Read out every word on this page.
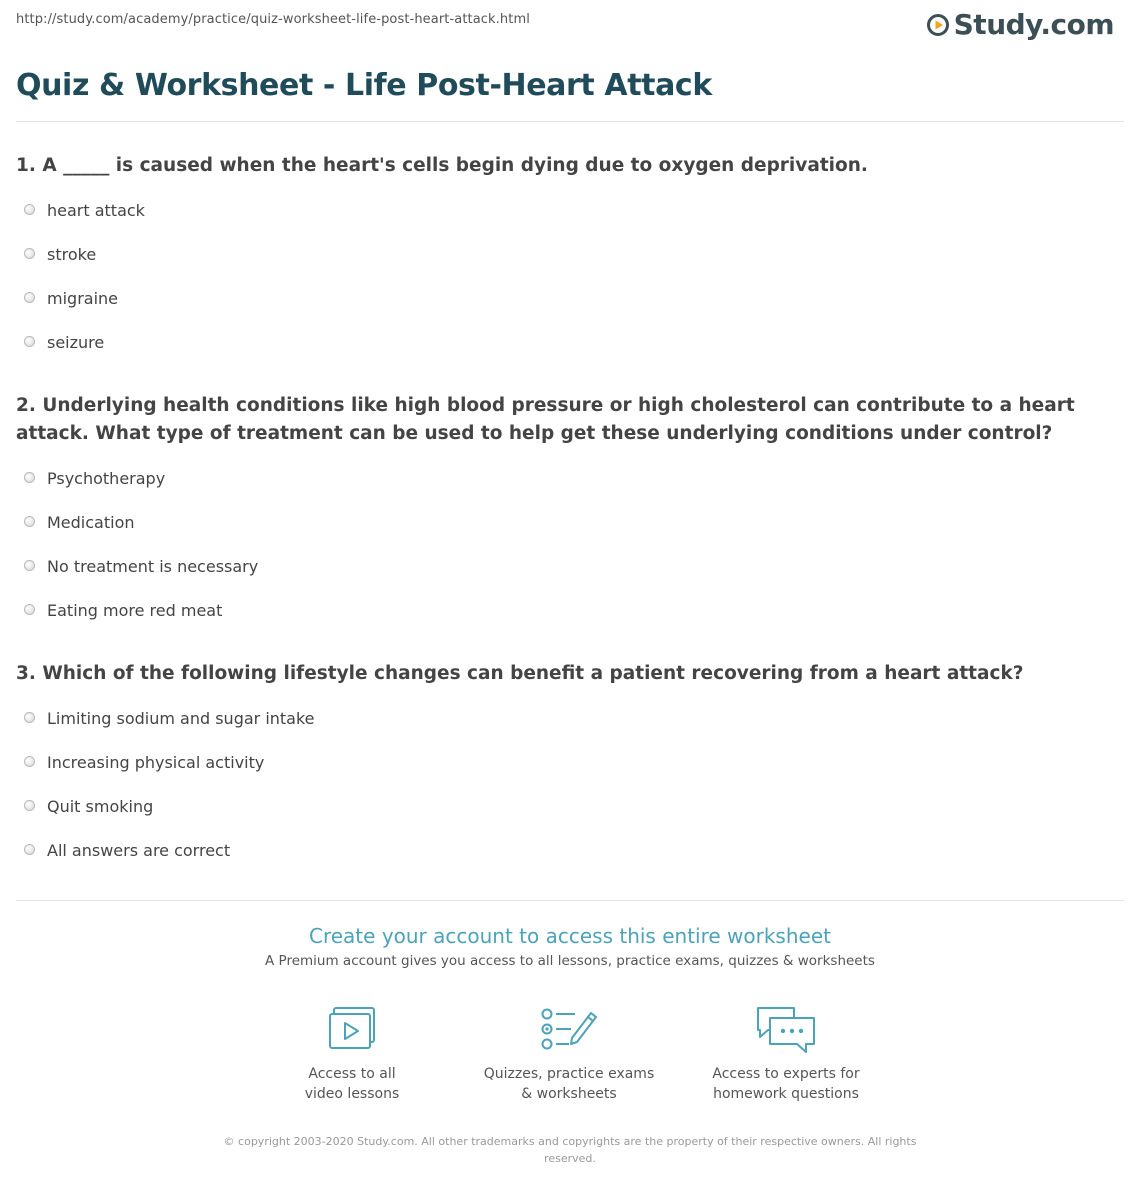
http://study.com/academy/practice/quiz-worksheet-life-post-heart-attack.html	Study.com
Quiz & Worksheet - Life Post-Heart Attack

1. A _____ is caused when the heart's cells begin dying due to oxygen deprivation.

heart attack
stroke
migraine
seizure

2. Underlying health conditions like high blood pressure or high cholesterol can contribute to a heart attack. What type of treatment can be used to help get these underlying conditions under control?

Psychotherapy
Medication
No treatment is necessary
Eating more red meat

3. Which of the following lifestyle changes can benefit a patient recovering from a heart attack?

Limiting sodium and sugar intake
Increasing physical activity
Quit smoking
All answers are correct
Create your account to access this entire worksheet
A Premium account gives you access to all lessons, practice exams, quizzes & worksheets
Access to all
video lessons
Quizzes, practice exams
& worksheets
Access to experts for
homework questions
© copyright 2003-2020 Study.com. All other trademarks and copyrights are the property of their respective owners. All rights reserved.
